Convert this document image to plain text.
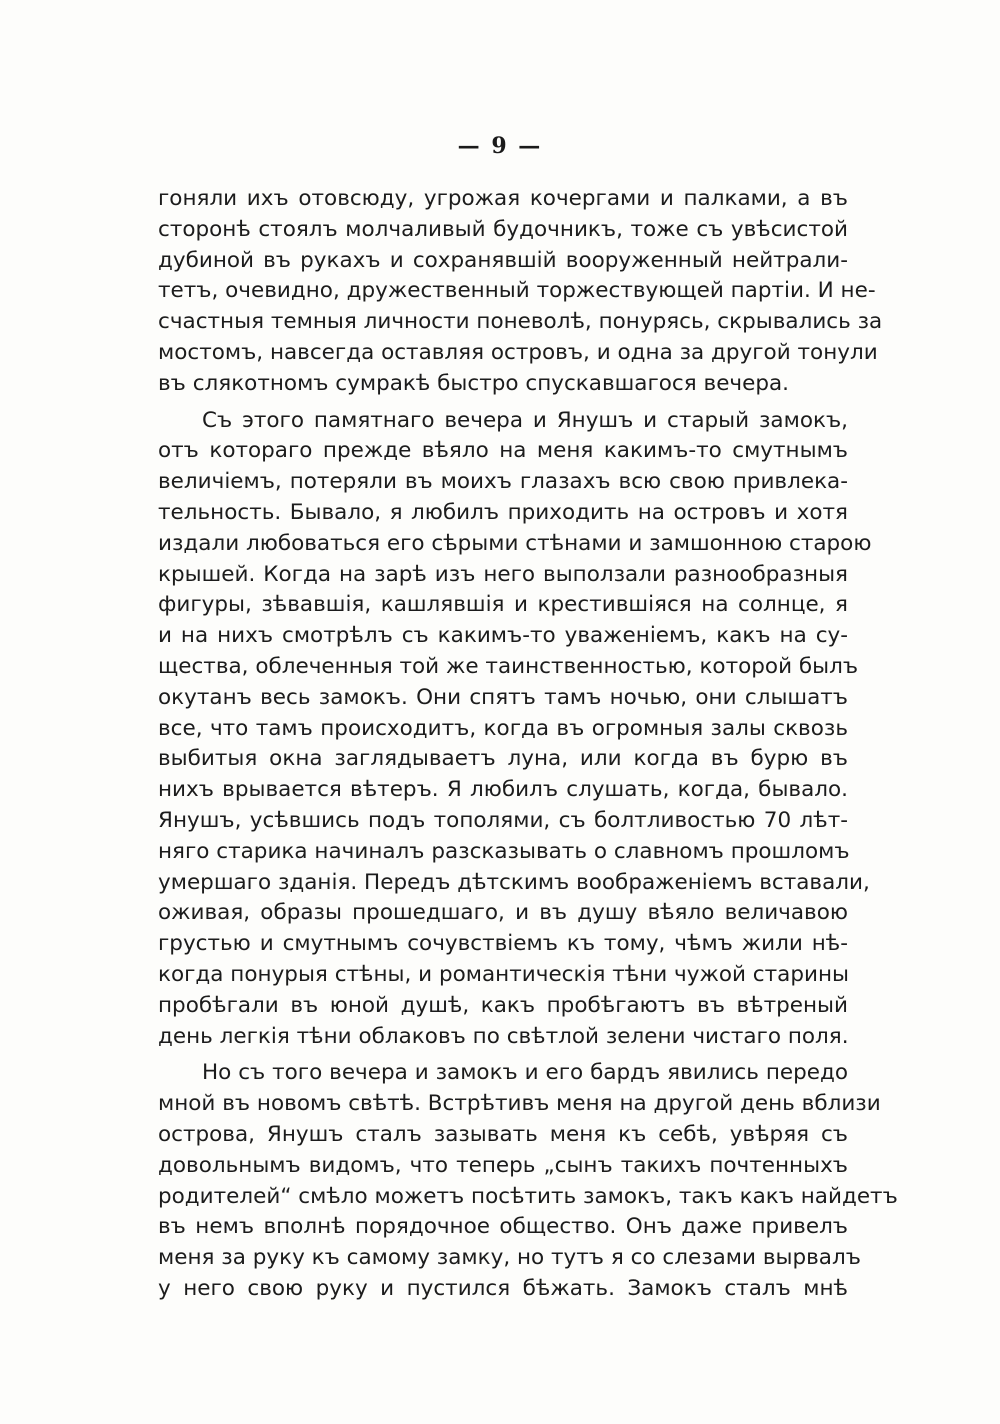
— 9 —
гоняли ихъ отовсюду, угрожая кочергами и палками, а въ
сторонѣ стоялъ молчаливый будочникъ, тоже съ увѣсистой
дубиной въ рукахъ и сохранявшій вооруженный нейтрали-
тетъ, очевидно, дружественный торжествующей партіи. И не-
счастныя темныя личности поневолѣ, понурясь, скрывались за
мостомъ, навсегда оставляя островъ, и одна за другой тонули
въ слякотномъ сумракѣ быстро спускавшагося вечера.
Съ этого памятнаго вечера и Янушъ и старый замокъ,
отъ котораго прежде вѣяло на меня какимъ-то смутнымъ
величіемъ, потеряли въ моихъ глазахъ всю свою привлека-
тельность. Бывало, я любилъ приходить на островъ и хотя
издали любоваться его сѣрыми стѣнами и замшонною старою
крышей. Когда на зарѣ изъ него выползали разнообразныя
фигуры, зѣвавшія, кашлявшія и крестившіяся на солнце, я
и на нихъ смотрѣлъ съ какимъ-то уваженіемъ, какъ на су-
щества, облеченныя той же таинственностью, которой былъ
окутанъ весь замокъ. Они спятъ тамъ ночью, они слышатъ
все, что тамъ происходитъ, когда въ огромныя залы сквозь
выбитыя окна заглядываетъ луна, или когда въ бурю въ
нихъ врывается вѣтеръ. Я любилъ слушать, когда, бывало.
Янушъ, усѣвшись подъ тополями, съ болтливостью 70 лѣт-
няго старика начиналъ разсказывать о славномъ прошломъ
умершаго зданія. Передъ дѣтскимъ воображеніемъ вставали,
оживая, образы прошедшаго, и въ душу вѣяло величавою
грустью и смутнымъ сочувствіемъ къ тому, чѣмъ жили нѣ-
когда понурыя стѣны, и романтическія тѣни чужой старины
пробѣгали въ юной душѣ, какъ пробѣгаютъ въ вѣтреный
день легкія тѣни облаковъ по свѣтлой зелени чистаго поля.
Но съ того вечера и замокъ и его бардъ явились передо
мной въ новомъ свѣтѣ. Встрѣтивъ меня на другой день вблизи
острова, Янушъ сталъ зазывать меня къ себѣ, увѣряя съ
довольнымъ видомъ, что теперь „сынъ такихъ почтенныхъ
родителей“ смѣло можетъ посѣтить замокъ, такъ какъ найдетъ
въ немъ вполнѣ порядочное общество. Онъ даже привелъ
меня за руку къ самому замку, но тутъ я со слезами вырвалъ
у него свою руку и пустился бѣжать. Замокъ сталъ мнѣ
